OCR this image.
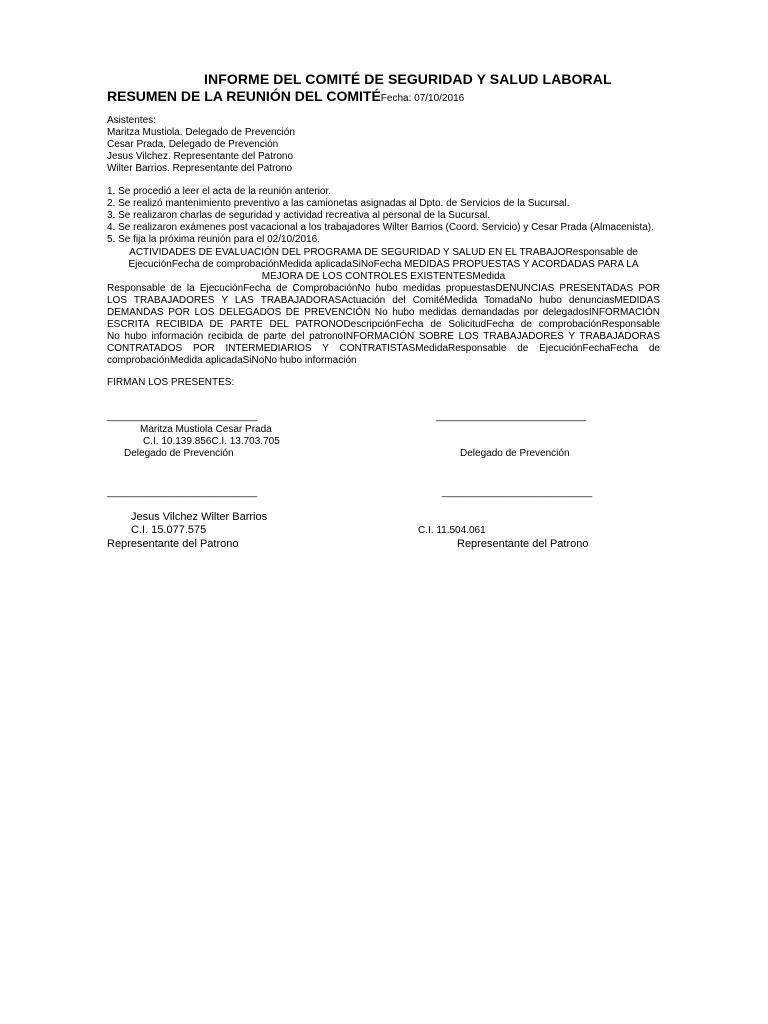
INFORME DEL COMITÉ DE SEGURIDAD Y SALUD LABORAL
RESUMEN DE LA REUNIÓN DEL COMITÉFecha: 07/10/2016
Asistentes:
Maritza Mustiola. Delegado de Prevención
Cesar Prada, Delegado de Prevención
Jesus Vilchez. Representante del Patrono
Wilter Barrios. Representante del Patrono
1. Se procedió a leer el acta de la reunión anterior.
2. Se realizó mantenimiento preventivo a las camionetas asignadas al Dpto. de Servicios de la Sucursal.
3. Se realizaron charlas de seguridad y actividad recreativa al personal de la Sucursal.
4. Se realizaron exámenes post vacacional a los trabajadores Wilter Barrios (Coord. Servicio) y Cesar Prada (Almacenista).
5. Se fija la próxima reunión para el 02/10/2016.
ACTIVIDADES DE EVALUACIÓN DEL PROGRAMA DE SEGURIDAD Y SALUD EN EL TRABAJOResponsable de
EjecuciónFecha de comprobaciónMedida aplicadaSiNoFecha MEDIDAS PROPUESTAS Y ACORDADAS PARA LA
MEJORA DE LOS CONTROLES EXISTENTESMedida
Responsable de la EjecuciónFecha de ComprobaciónNo hubo medidas propuestasDENUNCIAS PRESENTADAS POR
LOS TRABAJADORES Y LAS TRABAJADORASActuación del ComitéMedida TomadaNo hubo denunciasMEDIDAS
DEMANDAS POR LOS DELEGADOS DE PREVENCIÓN No hubo medidas demandadas por delegadosINFORMACIÓN
ESCRITA RECIBIDA DE PARTE DEL PATRONODescripciónFecha de SolicitudFecha de comprobaciónResponsable
No hubo información recibida de parte del patronoINFORMACIÓN SOBRE LOS TRABAJADORES Y TRABAJADORAS
CONTRATADOS POR INTERMEDIARIOS Y CONTRATISTASMedidaResponsable de EjecuciónFechaFecha de
comprobaciónMedida aplicadaSiNoNo hubo información
FIRMAN LOS PRESENTES:
___________________________	___________________________
Maritza Mustiola Cesar Prada
C.I. 10.139.856C.I. 13.703.705
Delegado de Prevención	Delegado de Prevención
___________________________	___________________________
Jesus Vilchez Wilter Barrios
C.I. 15.077.575	C.I. 11.504.061
Representante del Patrono	Representante del Patrono
